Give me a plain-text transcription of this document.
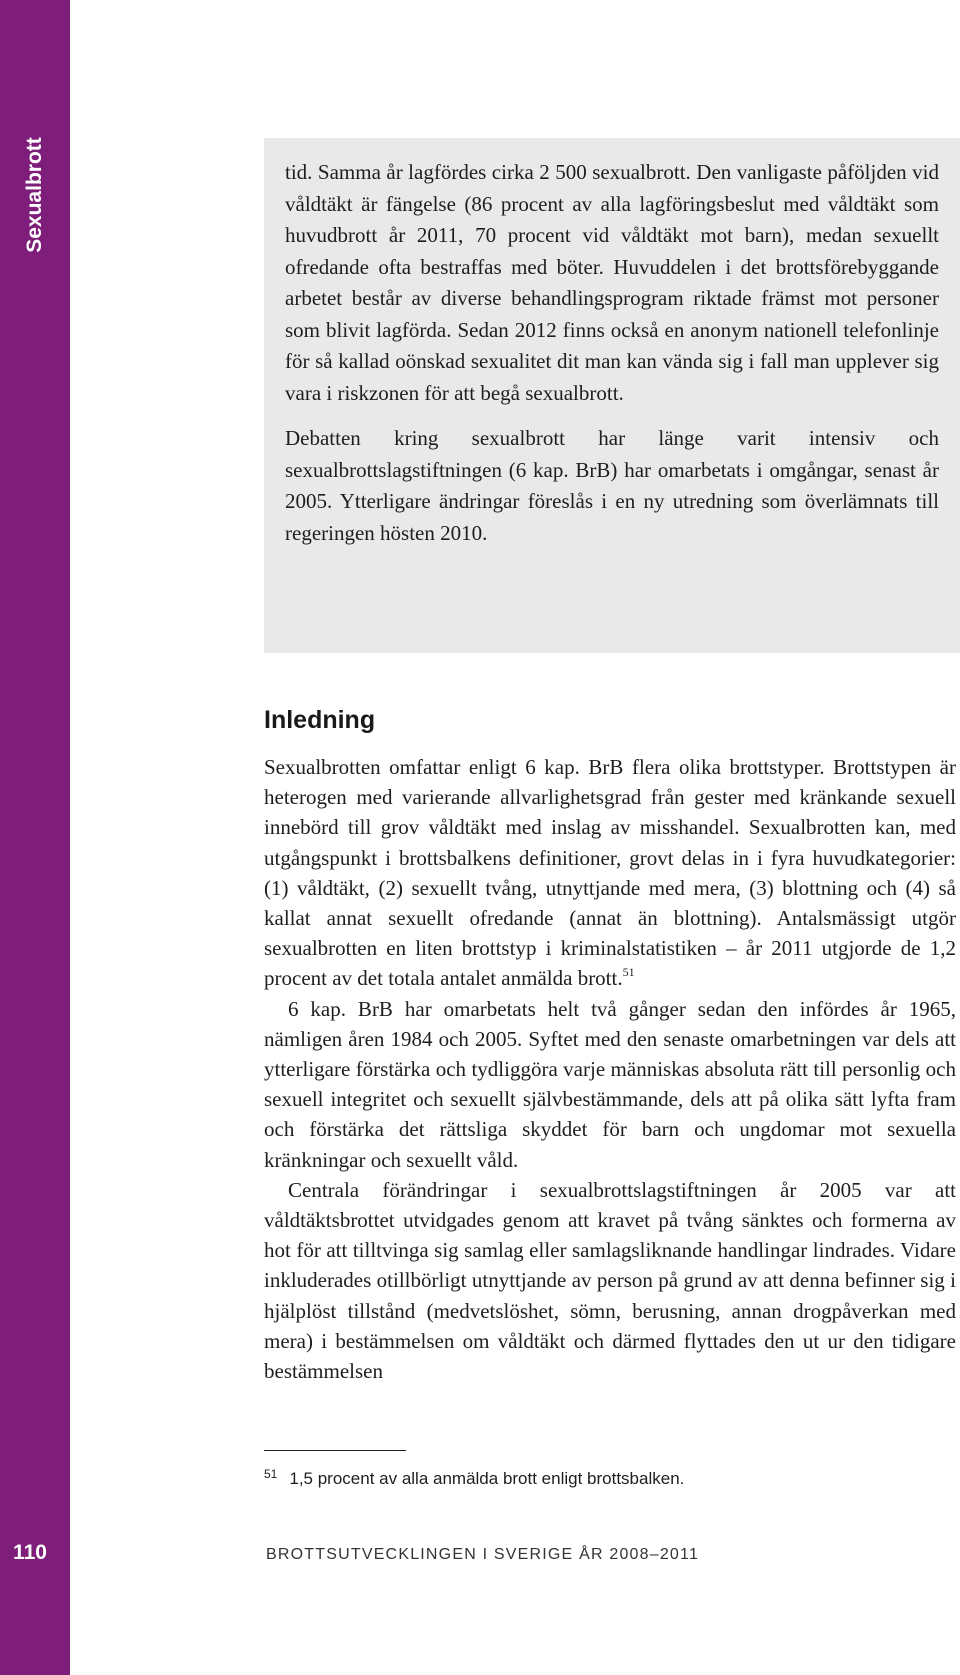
Sexualbrott
110

tid. Samma år lagfördes cirka 2 500 sexualbrott. Den vanligaste påföljden vid våldtäkt är fängelse (86 procent av alla lagföringsbeslut med våldtäkt som huvudbrott år 2011, 70 procent vid våldtäkt mot barn), medan sexuellt ofredande ofta bestraffas med böter. Huvuddelen i det brottsförebyggande arbetet består av diverse behandlingsprogram riktade främst mot personer som blivit lagförda. Sedan 2012 finns också en anonym nationell telefonlinje för så kallad oönskad sexualitet dit man kan vända sig i fall man upplever sig vara i riskzonen för att begå sexualbrott.

Debatten kring sexualbrott har länge varit intensiv och sexualbrottslagstiftningen (6 kap. BrB) har omarbetats i omgångar, senast år 2005. Ytterligare ändringar föreslås i en ny utredning som överlämnats till regeringen hösten 2010.

Inledning

Sexualbrotten omfattar enligt 6 kap. BrB flera olika brottstyper. Brottstypen är heterogen med varierande allvarlighetsgrad från gester med kränkande sexuell innebörd till grov våldtäkt med inslag av misshandel. Sexualbrotten kan, med utgångspunkt i brottsbalkens definitioner, grovt delas in i fyra huvudkategorier: (1) våldtäkt, (2) sexuellt tvång, utnyttjande med mera, (3) blottning och (4) så kallat annat sexuellt ofredande (annat än blottning). Antalsmässigt utgör sexualbrotten en liten brottstyp i kriminalstatistiken – år 2011 utgjorde de 1,2 procent av det totala antalet anmälda brott.$^{51}$

6 kap. BrB har omarbetats helt två gånger sedan den infördes år 1965, nämligen åren 1984 och 2005. Syftet med den senaste omarbetningen var dels att ytterligare förstärka och tydliggöra varje människas absoluta rätt till personlig och sexuell integritet och sexuellt självbestämmande, dels att på olika sätt lyfta fram och förstärka det rättsliga skyddet för barn och ungdomar mot sexuella kränkningar och sexuellt våld.

Centrala förändringar i sexualbrottslagstiftningen år 2005 var att våldtäktsbrottet utvidgades genom att kravet på tvång sänktes och formerna av hot för att tilltvinga sig samlag eller samlagsliknande handlingar lindrades. Vidare inkluderades otillbörligt utnyttjande av person på grund av att denna befinner sig i hjälplöst tillstånd (medvetslöshet, sömn, berusning, annan drogpåverkan med mera) i bestämmelsen om våldtäkt och därmed flyttades den ut ur den tidigare bestämmelsen

$^{51}$ 1,5 procent av alla anmälda brott enligt brottsbalken.
BROTTSUTVECKLINGEN I SVERIGE ÅR 2008–2011
